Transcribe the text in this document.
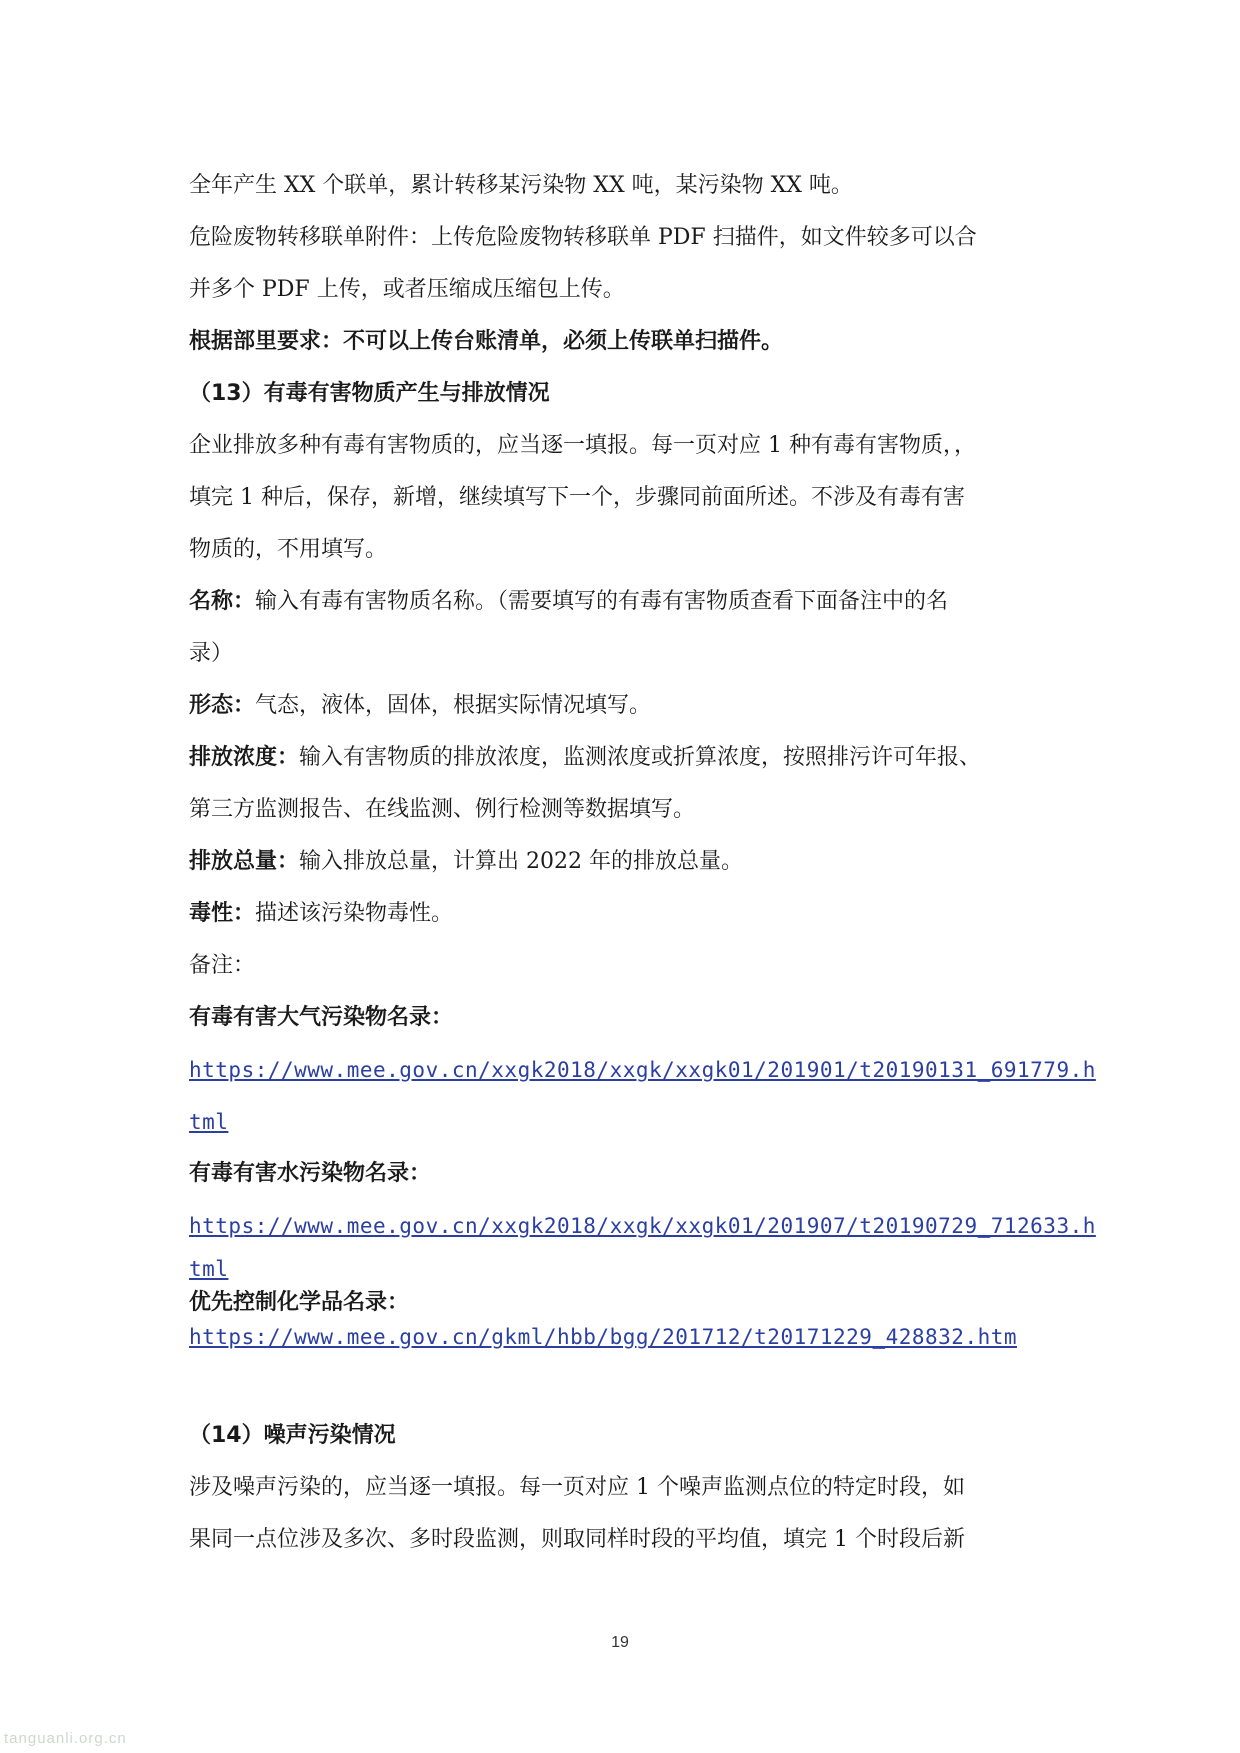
全年产生 XX 个联单，累计转移某污染物 XX 吨，某污染物 XX 吨。
危险废物转移联单附件：上传危险废物转移联单 PDF 扫描件，如文件较多可以合
并多个 PDF 上传，或者压缩成压缩包上传。
根据部里要求：不可以上传台账清单，必须上传联单扫描件。
（13）有毒有害物质产生与排放情况
企业排放多种有毒有害物质的，应当逐一填报。每一页对应 1 种有毒有害物质，，
填完 1 种后，保存，新增，继续填写下一个，步骤同前面所述。不涉及有毒有害
物质的，不用填写。
名称：输入有毒有害物质名称。（需要填写的有毒有害物质查看下面备注中的名
录）
形态：气态，液体，固体，根据实际情况填写。
排放浓度：输入有害物质的排放浓度，监测浓度或折算浓度，按照排污许可年报、
第三方监测报告、在线监测、例行检测等数据填写。
排放总量：输入排放总量，计算出 2022 年的排放总量。
毒性：描述该污染物毒性。
备注：
有毒有害大气污染物名录：
https://www.mee.gov.cn/xxgk2018/xxgk/xxgk01/201901/t20190131_691779.h
tml
有毒有害水污染物名录：
https://www.mee.gov.cn/xxgk2018/xxgk/xxgk01/201907/t20190729_712633.h
tml
优先控制化学品名录：
https://www.mee.gov.cn/gkml/hbb/bgg/201712/t20171229_428832.htm
（14）噪声污染情况
涉及噪声污染的，应当逐一填报。每一页对应 1 个噪声监测点位的特定时段，如
果同一点位涉及多次、多时段监测，则取同样时段的平均值，填完 1 个时段后新
19
tanguanli.org.cn
